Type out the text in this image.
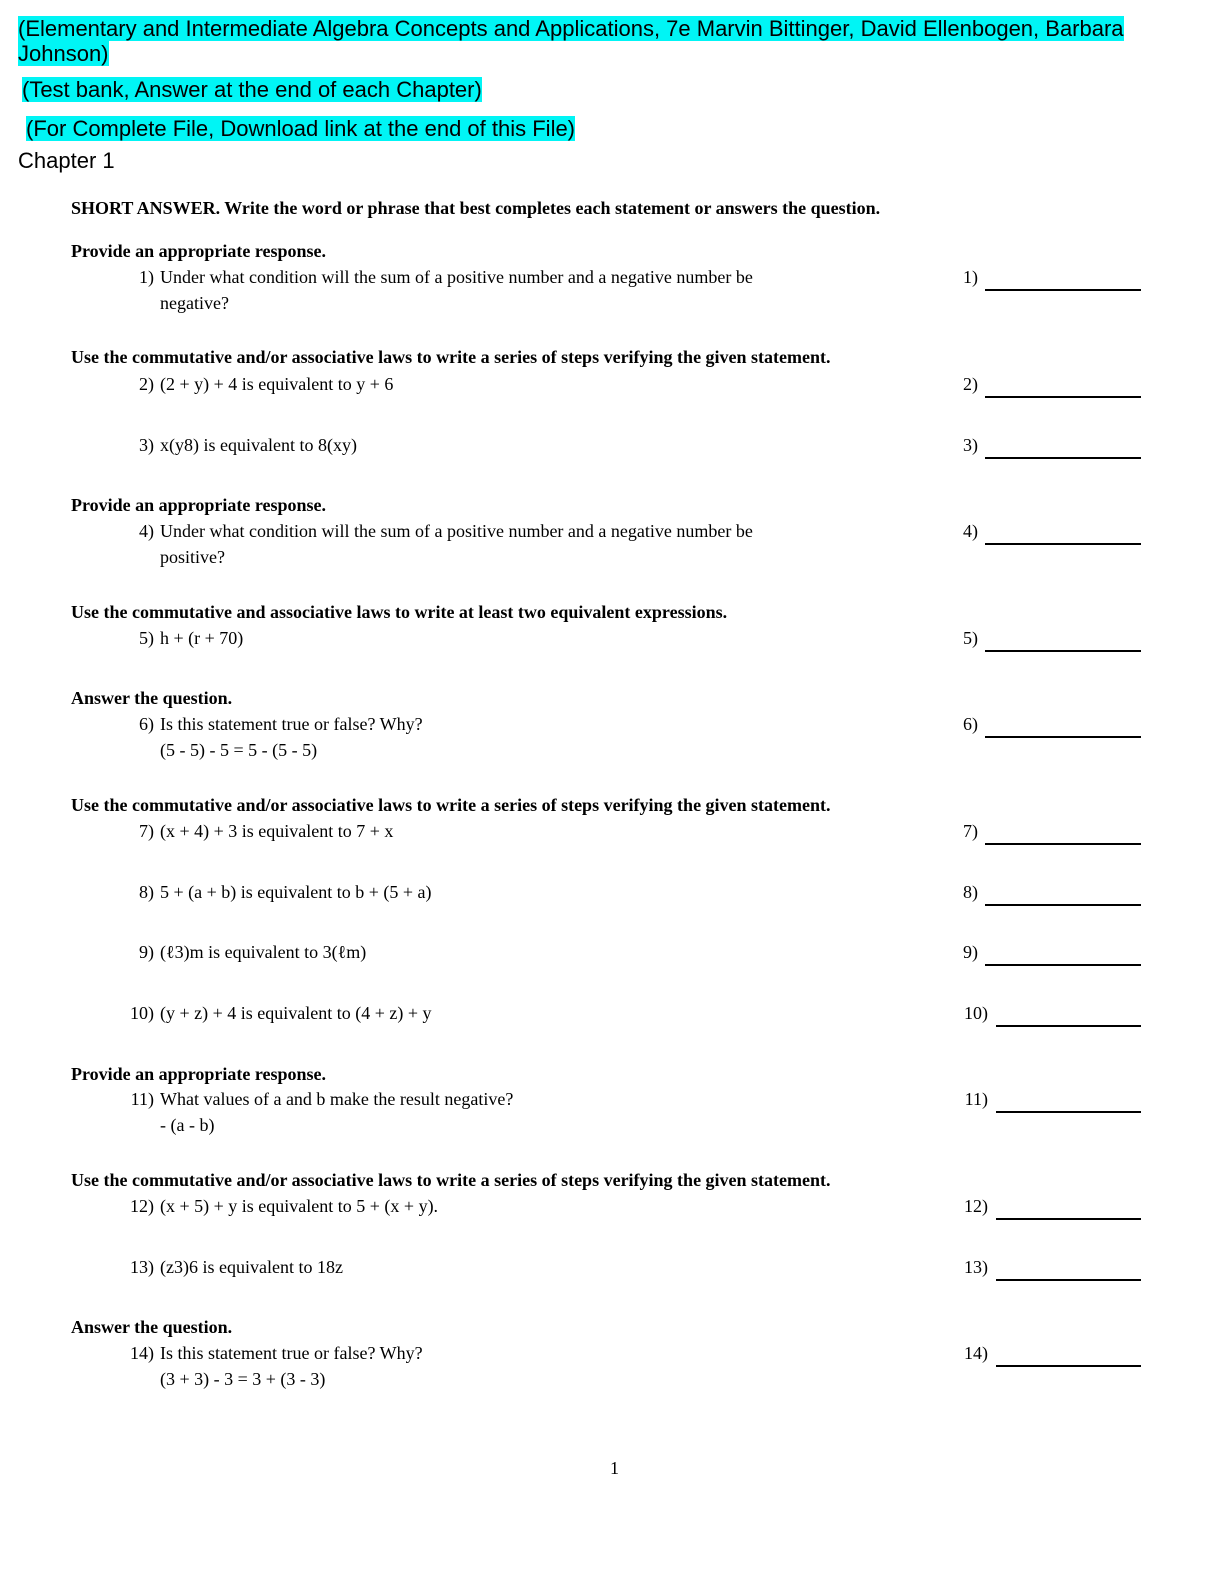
(Elementary and Intermediate Algebra Concepts and Applications, 7e Marvin Bittinger, David Ellenbogen, Barbara Johnson)
(Test bank, Answer at the end of each Chapter)
(For Complete File, Download link at the end of this File)
Chapter 1
SHORT ANSWER. Write the word or phrase that best completes each statement or answers the question.
Provide an appropriate response.
Use the commutative and/or associative laws to write a series of steps verifying the given statement.
Provide an appropriate response.
Use the commutative and associative laws to write at least two equivalent expressions.
Answer the question.
Use the commutative and/or associative laws to write a series of steps verifying the given statement.
Provide an appropriate response.
Use the commutative and/or associative laws to write a series of steps verifying the given statement.
Answer the question.
1) Under what condition will the sum of a positive number and a negative number be
negative?
1)
2) (2 + y) + 4 is equivalent to y + 6	2)
3) x(y8) is equivalent to 8(xy)	3)
4) Under what condition will the sum of a positive number and a negative number be
positive?
4)
5) h + (r + 70)	5)
6) Is this statement true or false? Why?
(5 - 5) - 5 = 5 - (5 - 5)
6)
7) (x + 4) + 3 is equivalent to 7 + x	7)
8) 5 + (a + b) is equivalent to b + (5 + a)	8)
9) (ℓ3)m is equivalent to 3(ℓm)	9)
10) (y + z) + 4 is equivalent to (4 + z) + y	10)
11) What values of a and b make the result negative?
- (a - b)
11)
12) (x + 5) + y is equivalent to 5 + (x + y).	12)
13) (z3)6 is equivalent to 18z	13)
14) Is this statement true or false? Why?
(3 + 3) - 3 = 3 + (3 - 3)
14)
1
